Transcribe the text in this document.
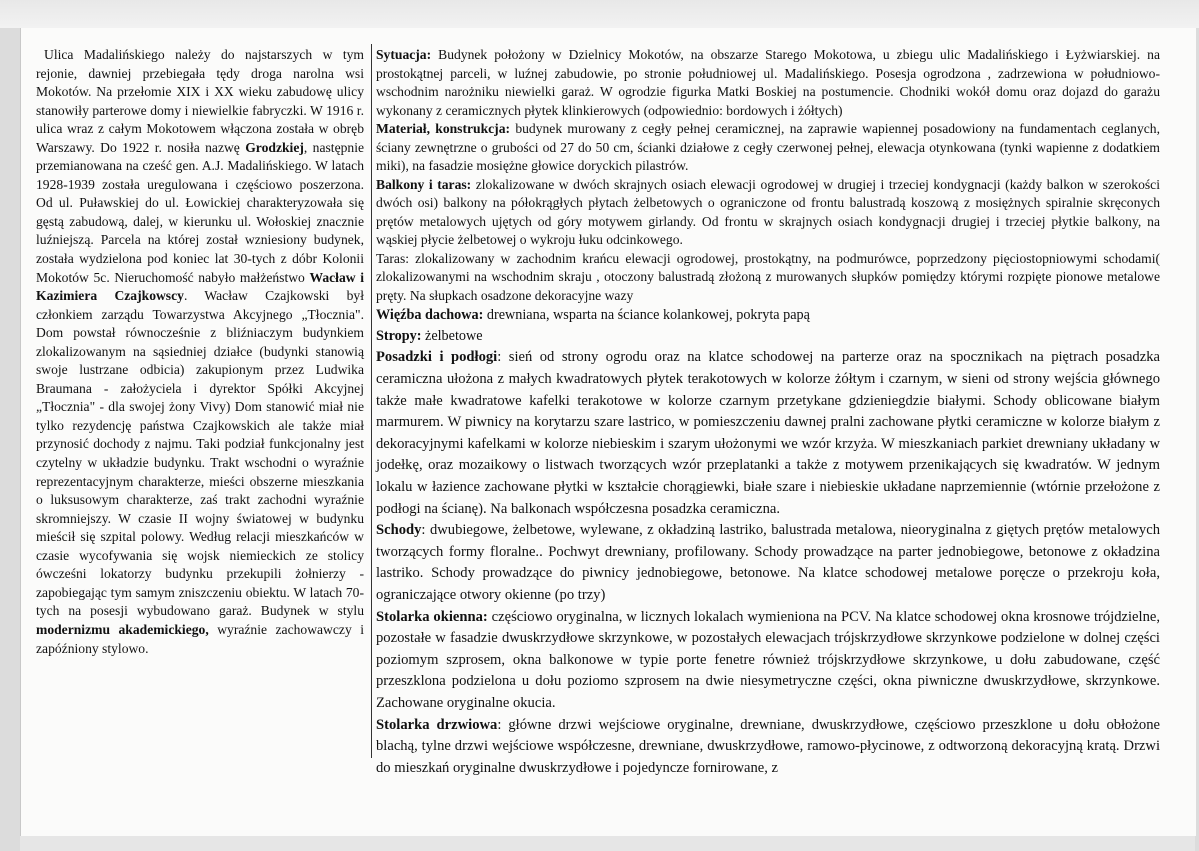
Ulica Madalińskiego należy do najstarszych w tym rejonie, dawniej przebiegała tędy droga narolna wsi Mokotów. Na przełomie XIX i XX wieku zabudowę ulicy stanowiły parterowe domy i niewielkie fabryczki. W 1916 r. ulica wraz z całym Mokotowem włączona została w obręb Warszawy. Do 1922 r. nosiła nazwę Grodzkiej, następnie przemianowana na cześć gen. A.J. Madalińskiego. W latach 1928-1939 została uregulowana i częściowo poszerzona. Od ul. Puławskiej do ul. Łowickiej charakteryzowała się gęstą zabudową, dalej, w kierunku ul. Wołoskiej znacznie luźniejszą. Parcela na której został wzniesiony budynek, została wydzielona pod koniec lat 30-tych z dóbr Kolonii Mokotów 5c. Nieruchomość nabyło małżeństwo Wacław i Kazimiera Czajkowscy. Wacław Czajkowski był członkiem zarządu Towarzystwa Akcyjnego „Tłocznia". Dom powstał równocześnie z bliźniaczym budynkiem zlokalizowanym na sąsiedniej działce (budynki stanowią swoje lustrzane odbicia) zakupionym przez Ludwika Braumana - założyciela i dyrektor Spółki Akcyjnej „Tłocznia" - dla swojej żony Vivy) Dom stanowić miał nie tylko rezydencję państwa Czajkowskich ale także miał przynosić dochody z najmu. Taki podział funkcjonalny jest czytelny w układzie budynku. Trakt wschodni o wyraźnie reprezentacyjnym charakterze, mieści obszerne mieszkania o luksusowym charakterze, zaś trakt zachodni wyraźnie skromniejszy. W czasie II wojny światowej w budynku mieścił się szpital polowy. Według relacji mieszkańców w czasie wycofywania się wojsk niemieckich ze stolicy ówcześni lokatorzy budynku przekupili żołnierzy - zapobiegając tym samym zniszczeniu obiektu. W latach 70-tych na posesji wybudowano garaż. Budynek w stylu modernizmu akademickiego, wyraźnie zachowawczy i zapóźniony stylowo.

Sytuacja: Budynek położony w Dzielnicy Mokotów, na obszarze Starego Mokotowa, u zbiegu ulic Madalińskiego i Łyżwiarskiej. na prostokątnej parceli, w luźnej zabudowie, po stronie południowej ul. Madalińskiego. Posesja ogrodzona , zadrzewiona w południowo-wschodnim narożniku niewielki garaż. W ogrodzie figurka Matki Boskiej na postumencie. Chodniki wokół domu oraz dojazd do garażu wykonany z ceramicznych płytek klinkierowych (odpowiednio: bordowych i żółtych)

Materiał, konstrukcja: budynek murowany z cegły pełnej ceramicznej, na zaprawie wapiennej posadowiony na fundamentach ceglanych, ściany zewnętrzne o grubości od 27 do 50 cm, ścianki działowe z cegły czerwonej pełnej, elewacja otynkowana (tynki wapienne z dodatkiem miki), na fasadzie mosiężne głowice doryckich pilastrów.

Balkony i taras: zlokalizowane w dwóch skrajnych osiach elewacji ogrodowej w drugiej i trzeciej kondygnacji (każdy balkon w szerokości dwóch osi) balkony na półokrągłych płytach żelbetowych o ograniczone od frontu balustradą koszową z mosiężnych spiralnie skręconych prętów metalowych ujętych od góry motywem girlandy. Od frontu w skrajnych osiach kondygnacji drugiej i trzeciej płytkie balkony, na wąskiej płycie żelbetowej o wykroju łuku odcinkowego.

Taras: zlokalizowany w zachodnim krańcu elewacji ogrodowej, prostokątny, na podmurówce, poprzedzony pięciostopniowymi schodami( zlokalizowanymi na wschodnim skraju , otoczony balustradą złożoną z murowanych słupków pomiędzy którymi rozpięte pionowe metalowe pręty. Na słupkach osadzone dekoracyjne wazy

Więźba dachowa: drewniana, wsparta na ściance kolankowej, pokryta papą

Stropy: żelbetowe

Posadzki i podłogi: sień od strony ogrodu oraz na klatce schodowej na parterze oraz na spocznikach na piętrach posadzka ceramiczna ułożona z małych kwadratowych płytek terakotowych w kolorze żółtym i czarnym, w sieni od strony wejścia głównego także małe kwadratowe kafelki terakotowe w kolorze czarnym przetykane gdzieniegdzie białymi. Schody oblicowane białym marmurem. W piwnicy na korytarzu szare lastrico, w pomieszczeniu dawnej pralni zachowane płytki ceramiczne w kolorze białym z dekoracyjnymi kafelkami w kolorze niebieskim i szarym ułożonymi we wzór krzyża. W mieszkaniach parkiet drewniany układany w jodełkę, oraz mozaikowy o listwach tworzących wzór przeplatanki a także z motywem przenikających się kwadratów. W jednym lokalu w łazience zachowane płytki w kształcie chorągiewki, białe szare i niebieskie układane naprzemiennie (wtórnie przełożone z podłogi na ścianę). Na balkonach współczesna posadzka ceramiczna.

Schody: dwubiegowe, żelbetowe, wylewane, z okładziną lastriko, balustrada metalowa, nieoryginalna z giętych prętów metalowych tworzących formy floralne.. Pochwyt drewniany, profilowany. Schody prowadzące na parter jednobiegowe, betonowe z okładzina lastriko. Schody prowadzące do piwnicy jednobiegowe, betonowe. Na klatce schodowej metalowe poręcze o przekroju koła, ograniczające otwory okienne (po trzy)

Stolarka okienna: częściowo oryginalna, w licznych lokalach wymieniona na PCV. Na klatce schodowej okna krosnowe trójdzielne, pozostałe w fasadzie dwuskrzydłowe skrzynkowe, w pozostałych elewacjach trójskrzydłowe skrzynkowe podzielone w dolnej części poziomym szprosem, okna balkonowe w typie porte fenetre również trójskrzydłowe skrzynkowe, u dołu zabudowane, część przeszklona podzielona u dołu poziomo szprosem na dwie niesymetryczne części, okna piwniczne dwuskrzydłowe, skrzynkowe. Zachowane oryginalne okucia.

Stolarka drzwiowa: główne drzwi wejściowe oryginalne, drewniane, dwuskrzydłowe, częściowo przeszklone u dołu obłożone blachą, tylne drzwi wejściowe współczesne, drewniane, dwuskrzydłowe, ramowo-płycinowe, z odtworzoną dekoracyjną kratą. Drzwi do mieszkań oryginalne dwuskrzydłowe i pojedyncze fornirowane, z
